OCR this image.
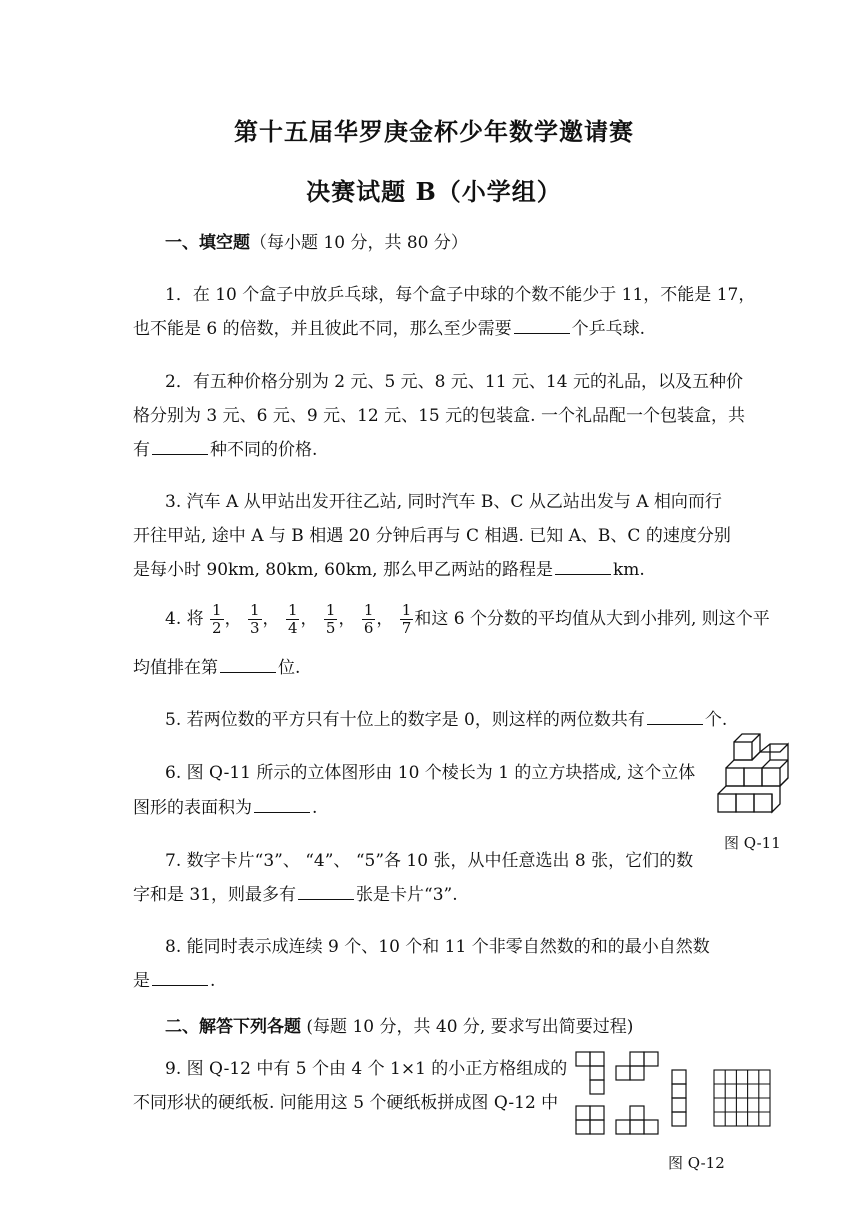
第十五届华罗庚金杯少年数学邀请赛
决赛试题 B（小学组）
一、填空题（每小题 10 分，共 80 分）
1．在 10 个盒子中放乒乓球，每个盒子中球的个数不能少于 11，不能是 17，
也不能是 6 的倍数，并且彼此不同，那么至少需要	个乒乓球.
2．有五种价格分别为 2 元、5 元、8 元、11 元、14 元的礼品，以及五种价
格分别为 3 元、6 元、9 元、12 元、15 元的包装盒. 一个礼品配一个包装盒，共
有	种不同的价格.
3. 汽车 A 从甲站出发开往乙站, 同时汽车 B、C 从乙站出发与 A 相向而行
开往甲站, 途中 A 与 B 相遇 20 分钟后再与 C 相遇. 已知 A、B、C 的速度分别
是每小时 90km, 80km, 60km, 那么甲乙两站的路程是	km.
4. 将 $\frac{1}{2}$ ， $\frac{1}{3}$ ， $\frac{1}{4}$ ， $\frac{1}{5}$ ， $\frac{1}{6}$ ， $\frac{1}{7}$ 和这 6 个分数的平均值从大到小排列, 则这个平
均值排在第	位.
5. 若两位数的平方只有十位上的数字是 0，则这样的两位数共有	个.
6. 图 Q-11 所示的立体图形由 10 个棱长为 1 的立方块搭成, 这个立体
图形的表面积为	.
图 Q-11
7. 数字卡片“3”、 “4”、 “5”各 10 张，从中任意选出 8 张，它们的数
字和是 31，则最多有	张是卡片“3”.
8. 能同时表示成连续 9 个、10 个和 11 个非零自然数的和的最小自然数
是	.
二、解答下列各题 (每题 10 分，共 40 分, 要求写出简要过程)
9. 图 Q-12 中有 5 个由 4 个 1×1 的小正方格组成的
不同形状的硬纸板. 问能用这 5 个硬纸板拼成图 Q-12 中
图 Q-12
